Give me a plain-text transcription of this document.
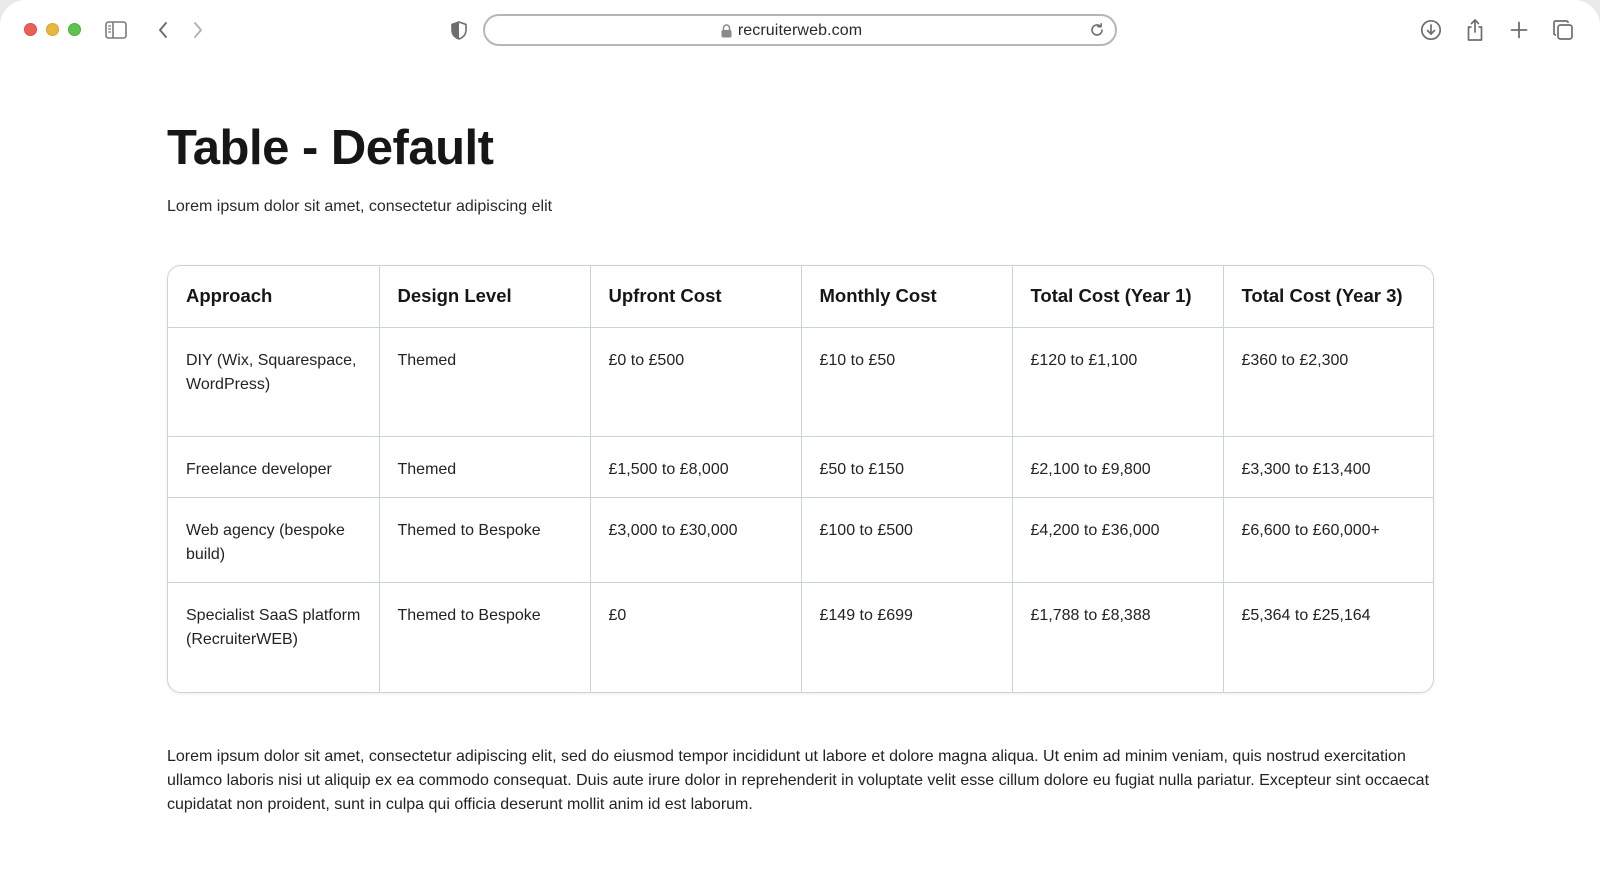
recruiterweb.com
Table - Default

Lorem ipsum dolor sit amet, consectetur adipiscing elit

Approach	Design Level	Upfront Cost	Monthly Cost	Total Cost (Year 1)	Total Cost (Year 3)
DIY (Wix, Squarespace, WordPress)	Themed	£0 to £500	£10 to £50	£120 to £1,100	£360 to £2,300
Freelance developer	Themed	£1,500 to £8,000	£50 to £150	£2,100 to £9,800	£3,300 to £13,400
Web agency (bespoke build)	Themed to Bespoke	£3,000 to £30,000	£100 to £500	£4,200 to £36,000	£6,600 to £60,000+
Specialist SaaS platform (RecruiterWEB)	Themed to Bespoke	£0	£149 to £699	£1,788 to £8,388	£5,364 to £25,164

Lorem ipsum dolor sit amet, consectetur adipiscing elit, sed do eiusmod tempor incididunt ut labore et dolore magna aliqua. Ut enim ad minim veniam, quis nostrud exercitation ullamco laboris nisi ut aliquip ex ea commodo consequat. Duis aute irure dolor in reprehenderit in voluptate velit esse cillum dolore eu fugiat nulla pariatur. Excepteur sint occaecat cupidatat non proident, sunt in culpa qui officia deserunt mollit anim id est laborum.
